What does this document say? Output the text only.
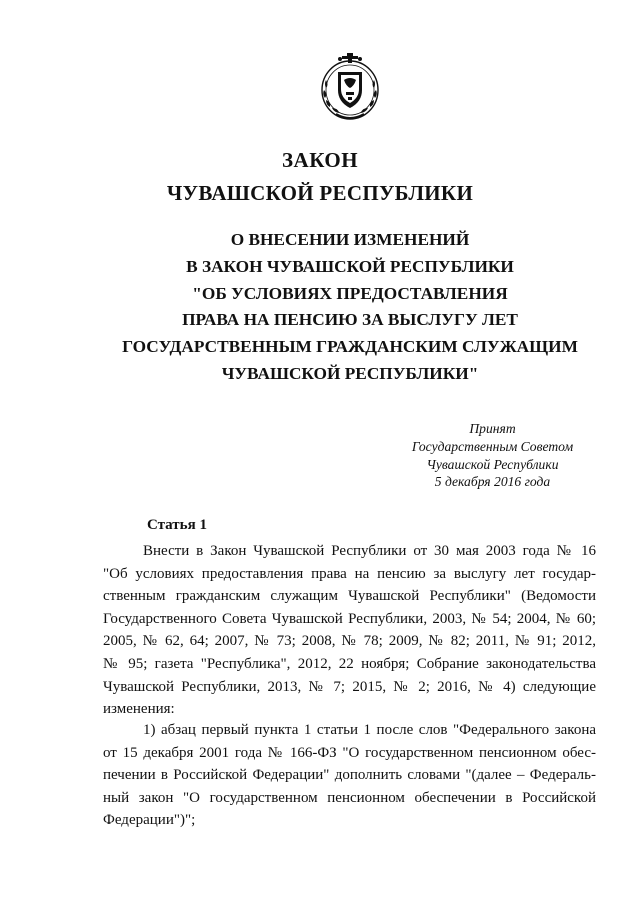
ЗАКОН
ЧУВАШСКОЙ РЕСПУБЛИКИ
О ВНЕСЕНИИ ИЗМЕНЕНИЙ
В ЗАКОН ЧУВАШСКОЙ РЕСПУБЛИКИ
"ОБ УСЛОВИЯХ ПРЕДОСТАВЛЕНИЯ
ПРАВА НА ПЕНСИЮ ЗА ВЫСЛУГУ ЛЕТ
ГОСУДАРСТВЕННЫМ ГРАЖДАНСКИМ СЛУЖАЩИМ
ЧУВАШСКОЙ РЕСПУБЛИКИ"
Принят
Государственным Советом
Чувашской Республики
5 декабря 2016 года
Статья 1
Внести в Закон Чувашской Республики от 30 мая 2003 года № 16
"Об условиях предоставления права на пенсию за выслугу лет государ-
ственным гражданским служащим Чувашской Республики" (Ведомости
Государственного Совета Чувашской Республики, 2003, № 54; 2004, № 60;
2005, № 62, 64; 2007, № 73; 2008, № 78; 2009, № 82; 2011, № 91; 2012,
№ 95; газета "Республика", 2012, 22 ноября; Собрание законодательства
Чувашской Республики, 2013, № 7; 2015, № 2; 2016, № 4) следующие
изменения:
1) абзац первый пункта 1 статьи 1 после слов "Федерального закона
от 15 декабря 2001 года № 166-ФЗ "О государственном пенсионном обес-
печении в Российской Федерации" дополнить словами "(далее – Федераль-
ный закон "О государственном пенсионном обеспечении в Российской
Федерации")";
